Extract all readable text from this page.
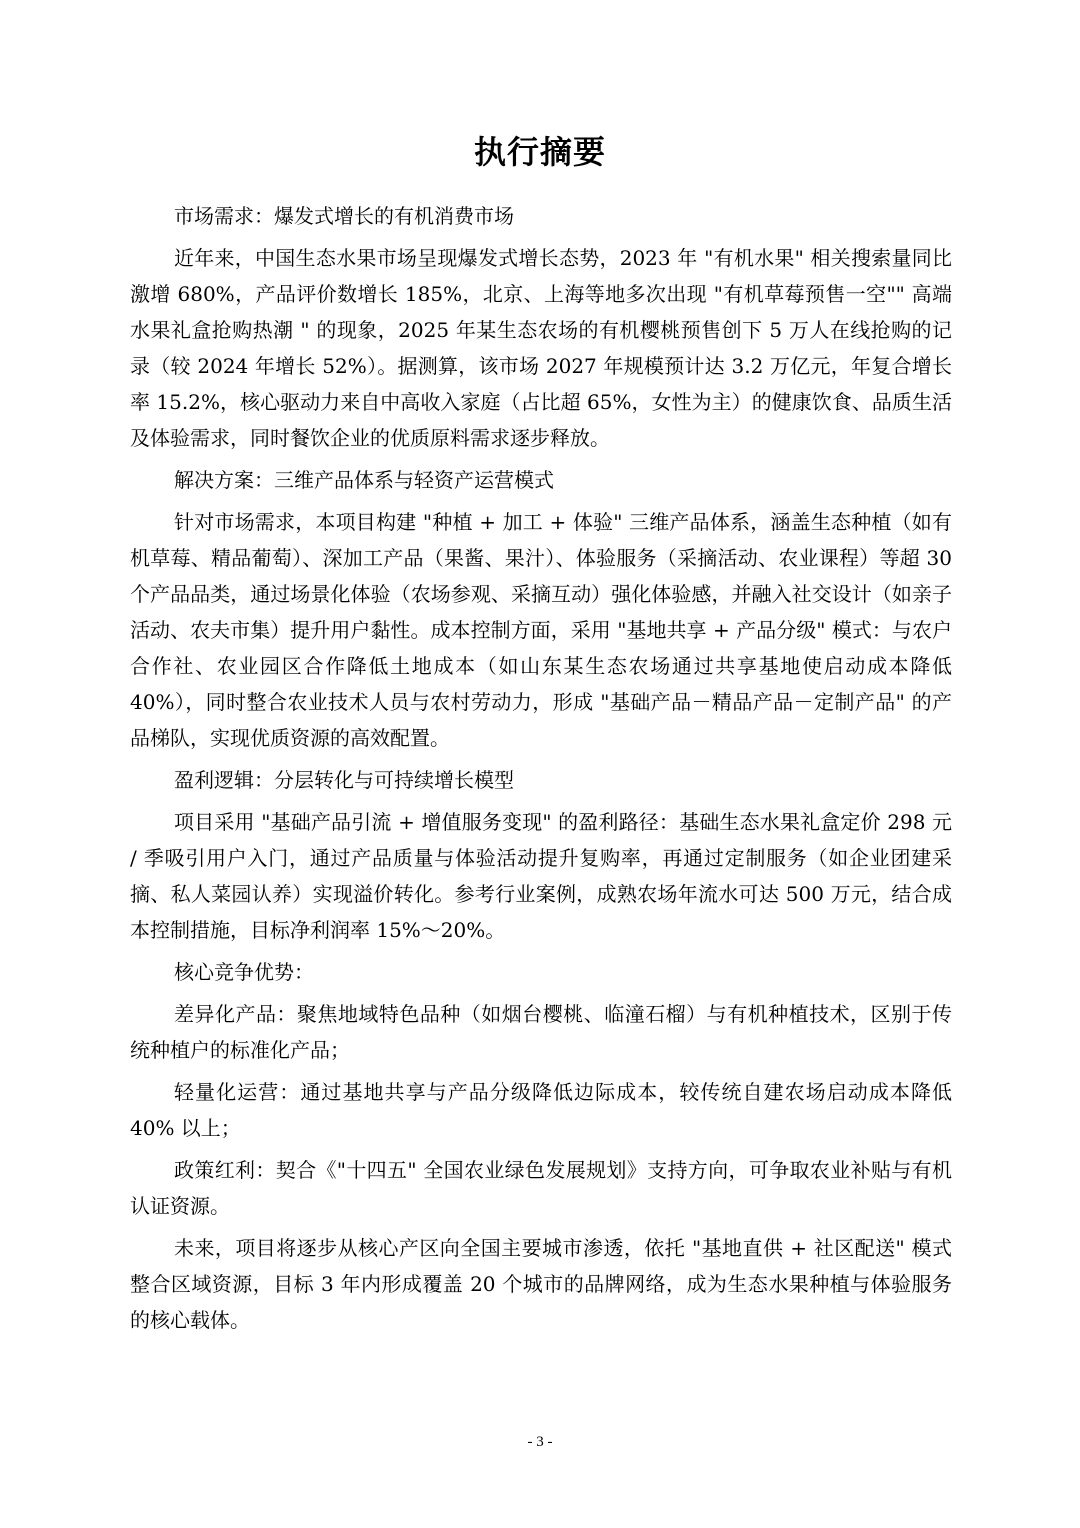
执行摘要

市场需求：爆发式增长的有机消费市场

近年来，中国生态水果市场呈现爆发式增长态势，2023 年 "有机水果" 相关搜索量同比激增 680%，产品评价数增长 185%，北京、上海等地多次出现 "有机草莓预售一空"" 高端水果礼盒抢购热潮 " 的现象，2025 年某生态农场的有机樱桃预售创下 5 万人在线抢购的记录（较 2024 年增长 52%）。据测算，该市场 2027 年规模预计达 3.2 万亿元，年复合增长率 15.2%，核心驱动力来自中高收入家庭（占比超 65%，女性为主）的健康饮食、品质生活及体验需求，同时餐饮企业的优质原料需求逐步释放。

解决方案：三维产品体系与轻资产运营模式

针对市场需求，本项目构建 "种植 + 加工 + 体验" 三维产品体系，涵盖生态种植（如有机草莓、精品葡萄）、深加工产品（果酱、果汁）、体验服务（采摘活动、农业课程）等超 30 个产品品类，通过场景化体验（农场参观、采摘互动）强化体验感，并融入社交设计（如亲子活动、农夫市集）提升用户黏性。成本控制方面，采用 "基地共享 + 产品分级" 模式：与农户合作社、农业园区合作降低土地成本（如山东某生态农场通过共享基地使启动成本降低 40%），同时整合农业技术人员与农村劳动力，形成 "基础产品－精品产品－定制产品" 的产品梯队，实现优质资源的高效配置。

盈利逻辑：分层转化与可持续增长模型

项目采用 "基础产品引流 + 增值服务变现" 的盈利路径：基础生态水果礼盒定价 298 元 / 季吸引用户入门，通过产品质量与体验活动提升复购率，再通过定制服务（如企业团建采摘、私人菜园认养）实现溢价转化。参考行业案例，成熟农场年流水可达 500 万元，结合成本控制措施，目标净利润率 15%～20%。

核心竞争优势：

差异化产品：聚焦地域特色品种（如烟台樱桃、临潼石榴）与有机种植技术，区别于传统种植户的标准化产品；

轻量化运营：通过基地共享与产品分级降低边际成本，较传统自建农场启动成本降低 40% 以上；

政策红利：契合《"十四五" 全国农业绿色发展规划》支持方向，可争取农业补贴与有机认证资源。

未来，项目将逐步从核心产区向全国主要城市渗透，依托 "基地直供 + 社区配送" 模式整合区域资源，目标 3 年内形成覆盖 20 个城市的品牌网络，成为生态水果种植与体验服务的核心载体。

- 3 -
